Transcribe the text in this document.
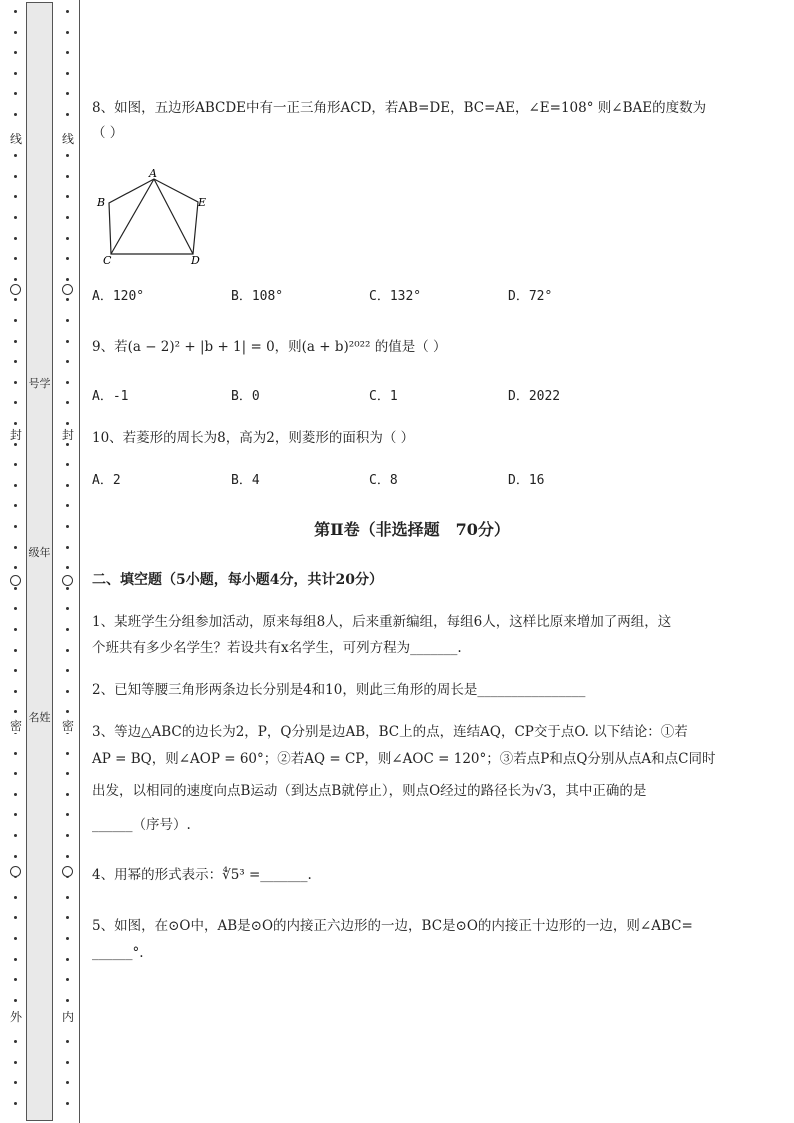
线
封
密
外
线
封
密
内
号学
级年
名姓
8、如图，五边形ABCDE中有一正三角形ACD，若AB=DE，BC=AE，∠E=108° 则∠BAE的度数为
（ ）
A
B
C	D
E
A．120°	B．108°	C．132°	D．72°
9、若(a − 2)² + |b + 1| = 0，则(a + b)²⁰²² 的值是（ ）
A．-1	B．0	C．1	D．2022
10、若菱形的周长为8，高为2，则菱形的面积为（ ）
A．2	B．4	C．8	D．16
第Ⅱ卷（非选择题　70分）
二、填空题（5小题，每小题4分，共计20分）
1、某班学生分组参加活动，原来每组8人，后来重新编组，每组6人，这样比原来增加了两组，这
个班共有多少名学生？若设共有x名学生，可列方程为_______.
2、已知等腰三角形两条边长分别是4和10，则此三角形的周长是________________
3、等边△ABC的边长为2，P，Q分别是边AB，BC上的点，连结AQ，CP交于点O. 以下结论：①若
AP = BQ，则∠AOP = 60°；②若AQ = CP，则∠AOC = 120°；③若点P和点Q分别从点A和点C同时
出发，以相同的速度向点B运动（到达点B就停止），则点O经过的路径长为√3，其中正确的是
______（序号）.
4、用幂的形式表示：∜5³ =_______.
5、如图，在⊙O中，AB是⊙O的内接正六边形的一边，BC是⊙O的内接正十边形的一边，则∠ABC=
______°.
